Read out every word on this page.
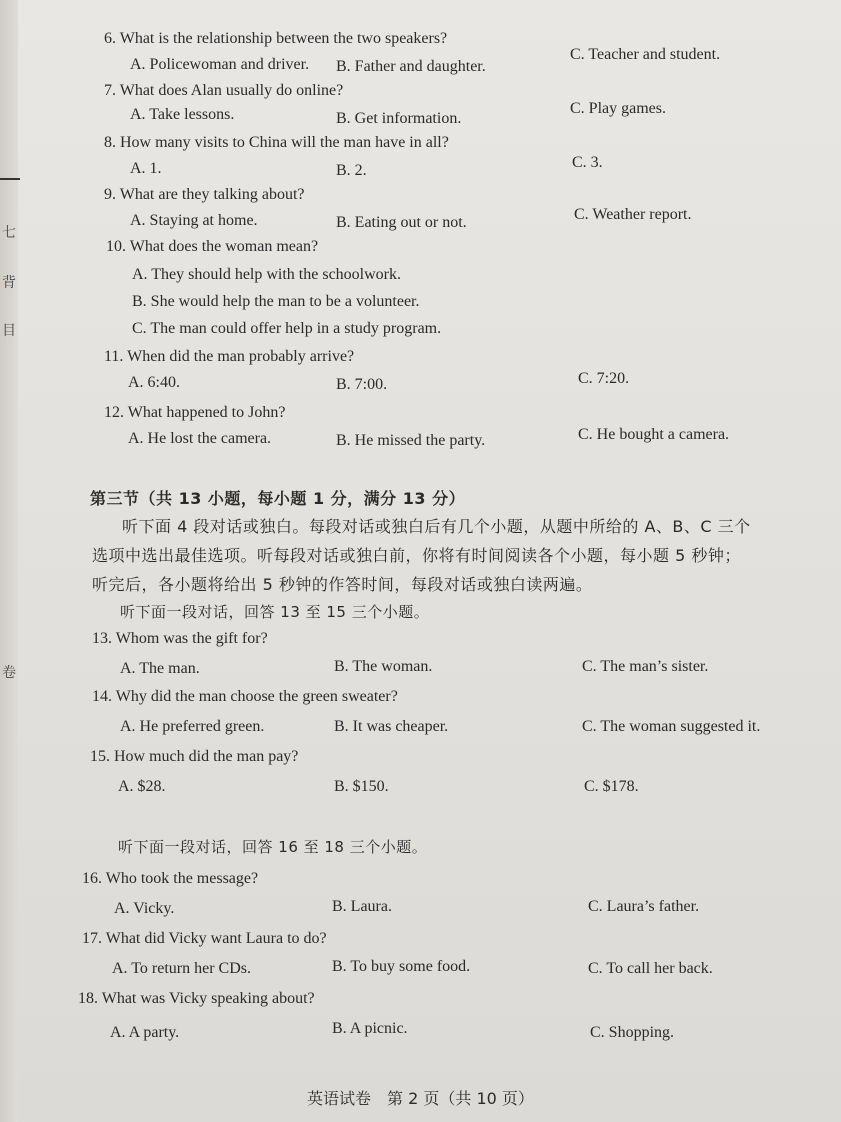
七
背
目
卷
6. What is the relationship between the two speakers?
A. Policewoman and driver. B. Father and daughter.
C. Teacher and student.
7. What does Alan usually do online?
A. Take lessons.	B. Get information.
C. Play games.
8. How many visits to China will the man have in all?
A. 1.	B. 2.	C. 3.
9. What are they talking about?
A. Staying at home.	B. Eating out or not.	C. Weather report.
10. What does the woman mean?
A. They should help with the schoolwork.
B. She would help the man to be a volunteer.
C. The man could offer help in a study program.
11. When did the man probably arrive?
A. 6:40.	B. 7:00.	C. 7:20.
12. What happened to John?
A. He lost the camera.	B. He missed the party.	C. He bought a camera.
第三节（共 13 小题，每小题 1 分，满分 13 分）
听下面 4 段对话或独白。每段对话或独白后有几个小题，从题中所给的 A、B、C 三个
选项中选出最佳选项。听每段对话或独白前，你将有时间阅读各个小题，每小题 5 秒钟；
听完后，各小题将给出 5 秒钟的作答时间，每段对话或独白读两遍。
听下面一段对话，回答 13 至 15 三个小题。
13. Whom was the gift for?
A. The man.	B. The woman.	C. The man’s sister.
14. Why did the man choose the green sweater?
A. He preferred green.	B. It was cheaper.	C. The woman suggested it.
15. How much did the man pay?
A. $28.	B. $150.	C. $178.
听下面一段对话，回答 16 至 18 三个小题。
16. Who took the message?
A. Vicky.	B. Laura.	C. Laura’s father.
17. What did Vicky want Laura to do?
A. To return her CDs.	B. To buy some food.	C. To call her back.
18. What was Vicky speaking about?
A. A party.	B. A picnic.	C. Shopping.
英语试卷　第 2 页（共 10 页）
